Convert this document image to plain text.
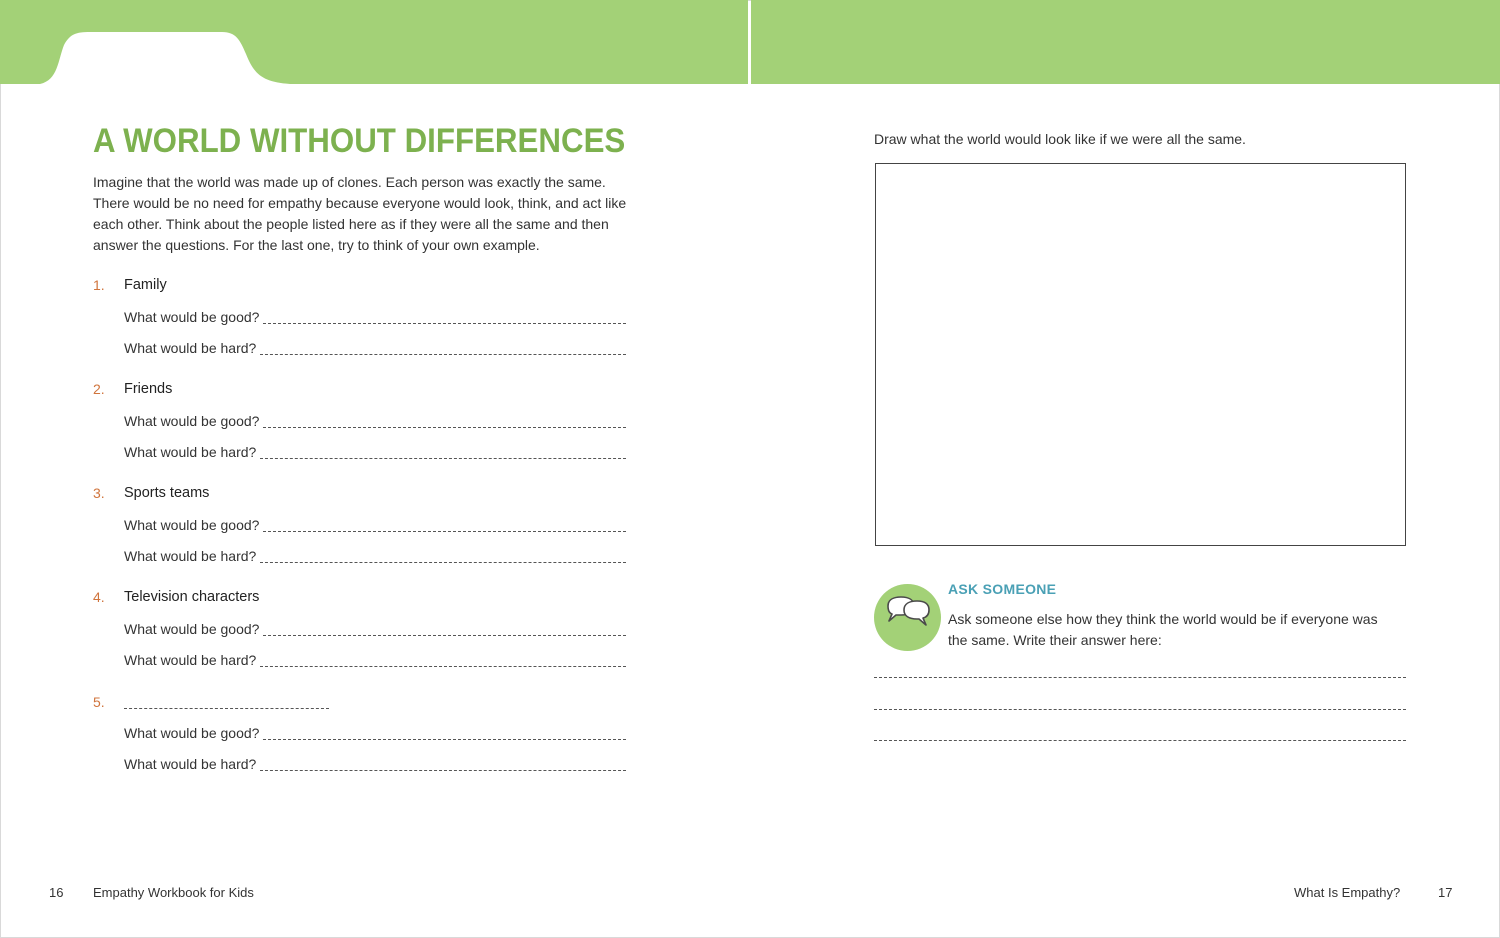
A WORLD WITHOUT DIFFERENCES

Imagine that the world was made up of clones. Each person was exactly the same. There would be no need for empathy because everyone would look, think, and act like each other. Think about the people listed here as if they were all the same and then answer the questions. For the last one, try to think of your own example.

1. Family
What would be good?
What would be hard?
2. Friends
What would be good?
What would be hard?
3. Sports teams
What would be good?
What would be hard?
4. Television characters
What would be good?
What would be hard?
5.
What would be good?
What would be hard?

Draw what the world would look like if we were all the same.

ASK SOMEONE

Ask someone else how they think the world would be if everyone was the same. Write their answer here:

16 Empathy Workbook for Kids	What Is Empathy?	17
